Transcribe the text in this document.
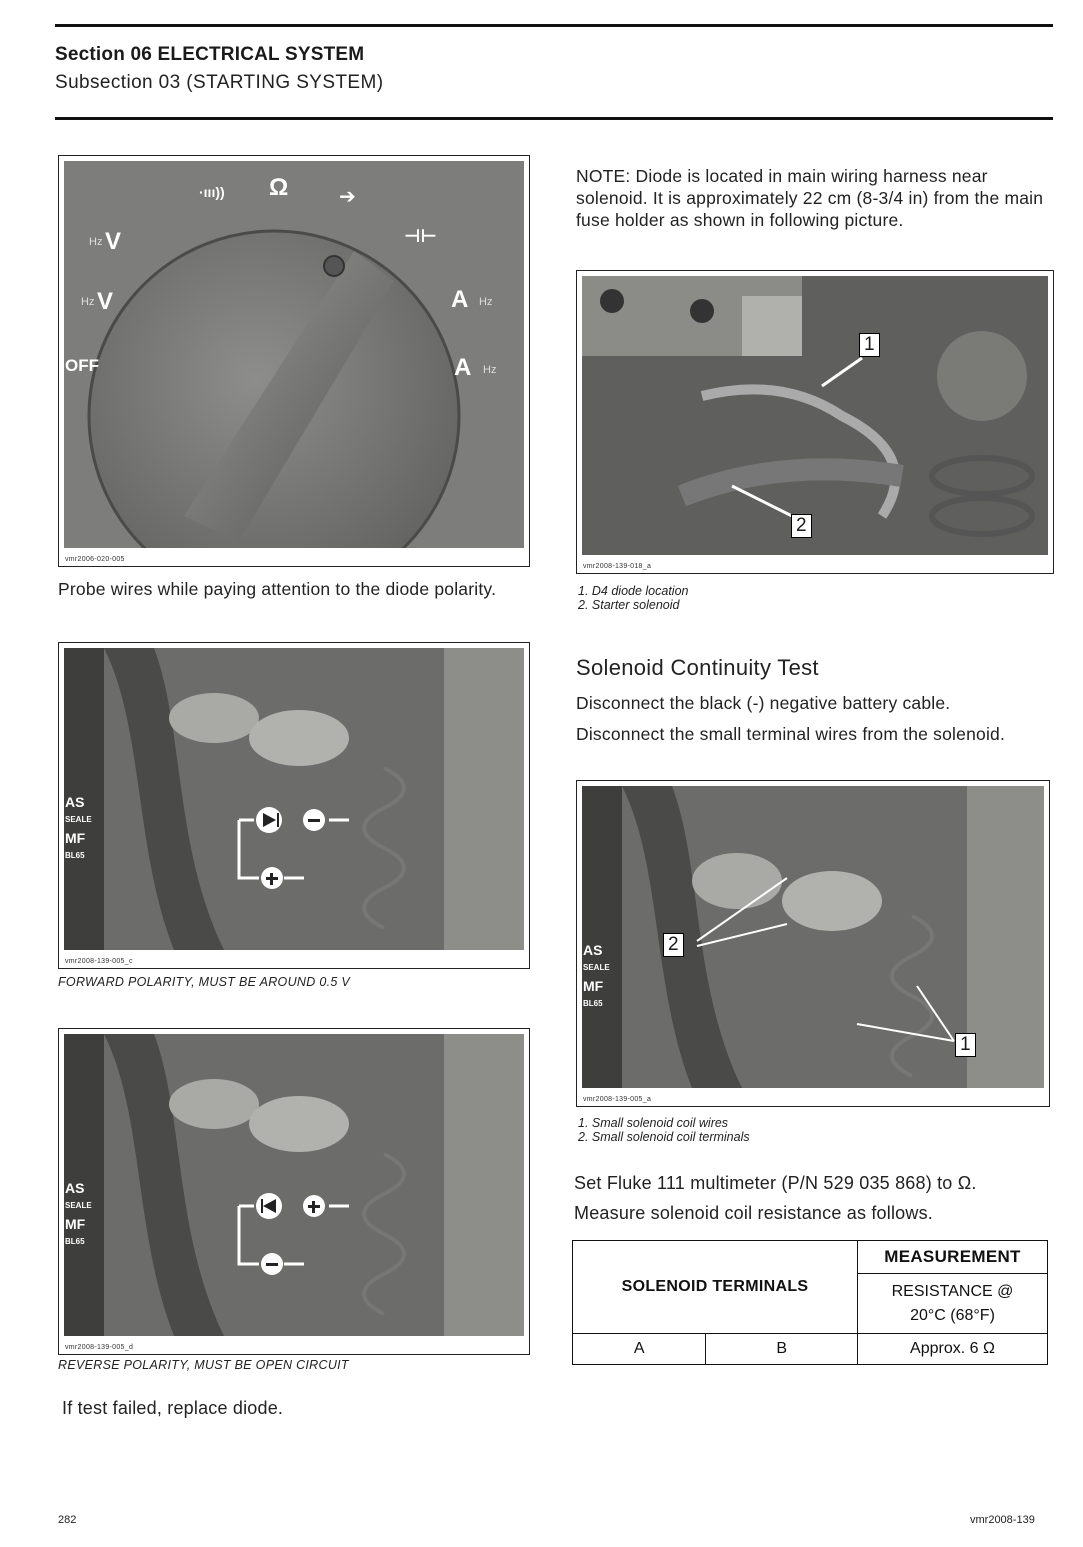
Section 06 ELECTRICAL SYSTEM
Subsection 03 (STARTING SYSTEM)
·ııı)) Ω	➔
⊣⊢
Hz V
Hz V
OFF
A Hz
A Hz
vmr2006-020-005
Probe wires while paying attention to the diode polarity.
AS
SEALE
MF
BL65
vmr2008-139-005_c
FORWARD POLARITY, MUST BE AROUND 0.5 V
AS
SEALE
MF
BL65
vmr2008-139-005_d
REVERSE POLARITY, MUST BE OPEN CIRCUIT
If test failed, replace diode.
NOTE: Diode is located in main wiring harness near solenoid. It is approximately 22 cm (8-3/4 in) from the main fuse holder as shown in following picture.
1
2
vmr2008-139-018_a
1. D4 diode location
2. Starter solenoid
Solenoid Continuity Test
Disconnect the black (-) negative battery cable.
Disconnect the small terminal wires from the solenoid.
2
1
AS
SEALE
MF
BL65
vmr2008-139-005_a
1. Small solenoid coil wires
2. Small solenoid coil terminals
Set Fluke 111 multimeter (P/N 529 035 868) to Ω. Measure solenoid coil resistance as follows.
SOLENOID TERMINALS		MEASUREMENT
		RESISTANCE @ 20°C (68°F)
A	B	Approx. 6 Ω
282	vmr2008-139
